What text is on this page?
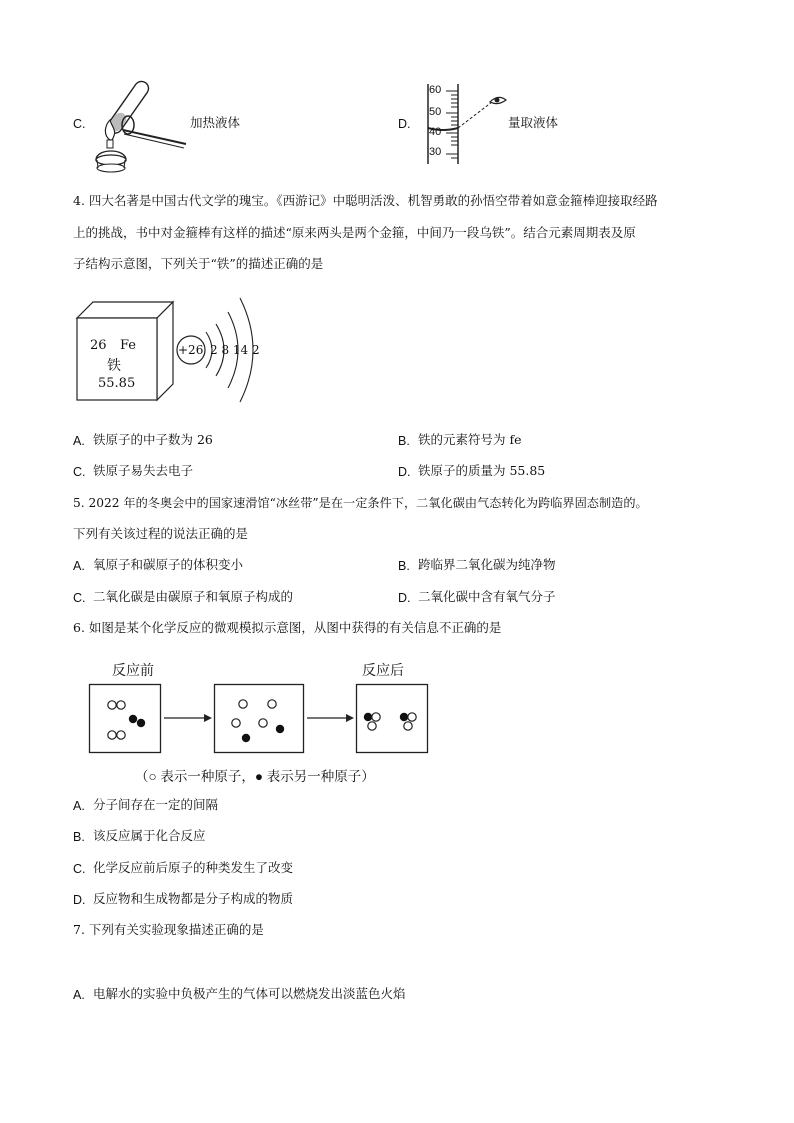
C.	加热液体	D.
60
50
40
30
量取液体
4. 四大名著是中国古代文学的瑰宝。《西游记》中聪明活泼、机智勇敢的孙悟空带着如意金箍棒迎接取经路
上的挑战，书中对金箍棒有这样的描述“原来两头是两个金箍，中间乃一段乌铁”。结合元素周期表及原
子结构示意图，下列关于“铁”的描述正确的是
26 Fe
铁
55.85
+26 2 8 14 2
A. 铁原子的中子数为 26	B. 铁的元素符号为 fe
C. 铁原子易失去电子	D. 铁原子的质量为 55.85
5. 2022 年的冬奥会中的国家速滑馆“冰丝带”是在一定条件下，二氧化碳由气态转化为跨临界固态制造的。
下列有关该过程的说法正确的是
A. 氧原子和碳原子的体积变小	B. 跨临界二氧化碳为纯净物
C. 二氧化碳是由碳原子和氧原子构成的	D. 二氧化碳中含有氧气分子
6. 如图是某个化学反应的微观模拟示意图，从图中获得的有关信息不正确的是
反应前	反应后
（○ 表示一种原子，● 表示另一种原子）
A. 分子间存在一定的间隔
B. 该反应属于化合反应
C. 化学反应前后原子的种类发生了改变
D. 反应物和生成物都是分子构成的物质
7. 下列有关实验现象描述正确的是
A. 电解水的实验中负极产生的气体可以燃烧发出淡蓝色火焰
